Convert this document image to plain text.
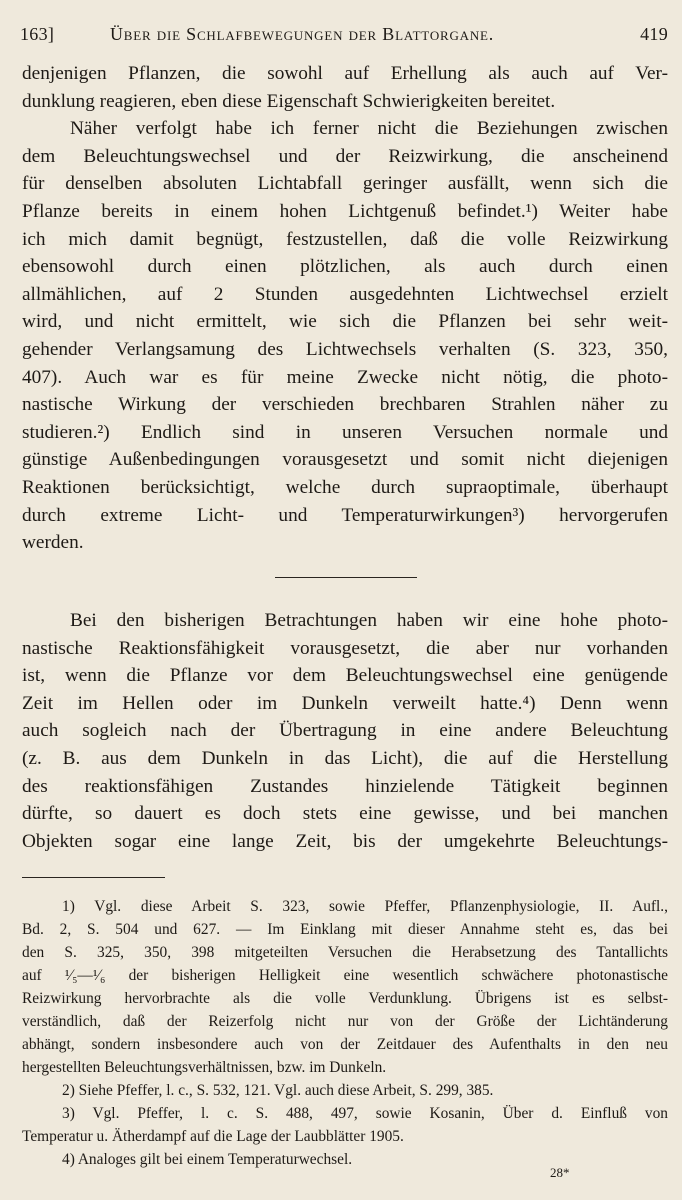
163]	Über die Schlafbewegungen der Blattorgane.	419
denjenigen Pflanzen, die sowohl auf Erhellung als auch auf Ver-
dunklung reagieren, eben diese Eigenschaft Schwierigkeiten bereitet.
Näher verfolgt habe ich ferner nicht die Beziehungen zwischen
dem Beleuchtungswechsel und der Reizwirkung, die anscheinend
für denselben absoluten Lichtabfall geringer ausfällt, wenn sich die
Pflanze bereits in einem hohen Lichtgenuß befindet.¹) Weiter habe
ich mich damit begnügt, festzustellen, daß die volle Reizwirkung
ebensowohl durch einen plötzlichen, als auch durch einen
allmählichen, auf 2 Stunden ausgedehnten Lichtwechsel erzielt
wird, und nicht ermittelt, wie sich die Pflanzen bei sehr weit-
gehender Verlangsamung des Lichtwechsels verhalten (S. 323, 350,
407). Auch war es für meine Zwecke nicht nötig, die photo-
nastische Wirkung der verschieden brechbaren Strahlen näher zu
studieren.²) Endlich sind in unseren Versuchen normale und
günstige Außenbedingungen vorausgesetzt und somit nicht diejenigen
Reaktionen berücksichtigt, welche durch supraoptimale, überhaupt
durch extreme Licht- und Temperaturwirkungen³) hervorgerufen
werden.
Bei den bisherigen Betrachtungen haben wir eine hohe photo-
nastische Reaktionsfähigkeit vorausgesetzt, die aber nur vorhanden
ist, wenn die Pflanze vor dem Beleuchtungswechsel eine genügende
Zeit im Hellen oder im Dunkeln verweilt hatte.⁴) Denn wenn
auch sogleich nach der Übertragung in eine andere Beleuchtung
(z. B. aus dem Dunkeln in das Licht), die auf die Herstellung
des reaktionsfähigen Zustandes hinzielende Tätigkeit beginnen
dürfte, so dauert es doch stets eine gewisse, und bei manchen
Objekten sogar eine lange Zeit, bis der umgekehrte Beleuchtungs-
1) Vgl. diese Arbeit S. 323, sowie Pfeffer, Pflanzenphysiologie, II. Aufl.,
Bd. 2, S. 504 und 627. — Im Einklang mit dieser Annahme steht es, das bei
den S. 325, 350, 398 mitgeteilten Versuchen die Herabsetzung des Tantallichts
auf ¹⁄₅—¹⁄₆ der bisherigen Helligkeit eine wesentlich schwächere photonastische
Reizwirkung hervorbrachte als die volle Verdunklung. Übrigens ist es selbst-
verständlich, daß der Reizerfolg nicht nur von der Größe der Lichtänderung
abhängt, sondern insbesondere auch von der Zeitdauer des Aufenthalts in den neu
hergestellten Beleuchtungsverhältnissen, bzw. im Dunkeln.
2) Siehe Pfeffer, l. c., S. 532, 121. Vgl. auch diese Arbeit, S. 299, 385.
3) Vgl. Pfeffer, l. c. S. 488, 497, sowie Kosanin, Über d. Einfluß von
Temperatur u. Ätherdampf auf die Lage der Laubblätter 1905.
4) Analoges gilt bei einem Temperaturwechsel.
28*
